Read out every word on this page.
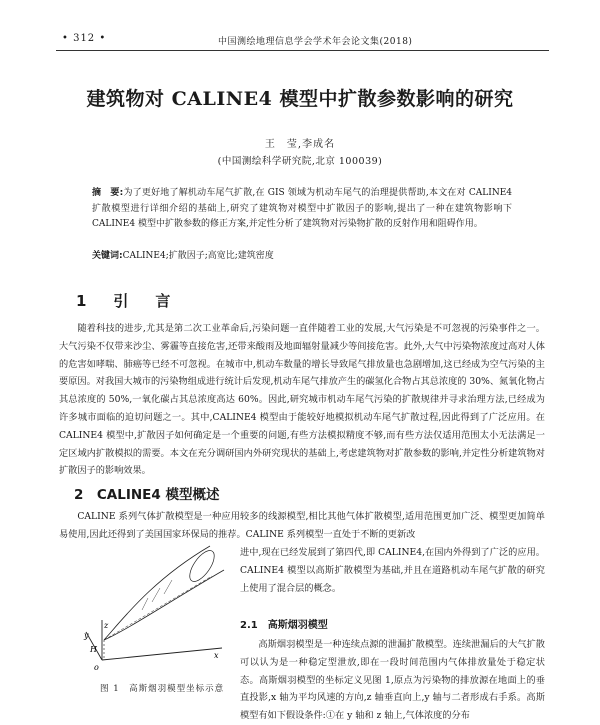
• 312 •	中国测绘地理信息学会学术年会论文集(2018)
建筑物对 CALINE4 模型中扩散参数影响的研究
王　莹,李成名
(中国测绘科学研究院,北京 100039)
摘　要:为了更好地了解机动车尾气扩散,在 GIS 领域为机动车尾气的治理提供帮助,本文在对 CALINE4 扩散模型进行详细介绍的基础上,研究了建筑物对模型中扩散因子的影响,提出了一种在建筑物影响下 CALINE4 模型中扩散参数的修正方案,并定性分析了建筑物对污染物扩散的反射作用和阻碍作用。
关键词:CALINE4;扩散因子;高宽比;建筑密度
1　引　言
随着科技的进步,尤其是第二次工业革命后,污染问题一直伴随着工业的发展,大气污染是不可忽视的污染事件之一。大气污染不仅带来沙尘、雾霾等直接危害,还带来酸雨及地面辐射量减少等间接危害。此外,大气中污染物浓度过高对人体的危害如哮喘、肺癌等已经不可忽视。在城市中,机动车数量的增长导致尾气排放量也急剧增加,这已经成为空气污染的主要原因。对我国大城市的污染物组成进行统计后发现,机动车尾气排放产生的碳氢化合物占其总浓度的 30%、氮氧化物占其总浓度的 50%,一氧化碳占其总浓度高达 60%。因此,研究城市机动车尾气污染的扩散规律并寻求治理方法,已经成为许多城市面临的迫切问题之一。其中,CALINE4 模型由于能较好地模拟机动车尾气扩散过程,因此得到了广泛应用。在 CALINE4 模型中,扩散因子如何确定是一个重要的问题,有些方法模拟精度不够,而有些方法仅适用范围太小无法满足一定区域内扩散模拟的需要。本文在充分调研国内外研究现状的基础上,考虑建筑物对扩散参数的影响,并定性分析建筑物对扩散因子的影响效果。
2　CALINE4 模型概述
CALINE 系列气体扩散模型是一种应用较多的线源模型,相比其他气体扩散模型,适用范围更加广泛、模型更加简单易使用,因此还得到了美国国家环保局的推荐。CALINE 系列模型一直处于不断的更新改
z
y
H
x
o
进中,现在已经发展到了第四代,即 CALINE4,在国内外得到了广泛的应用。CALINE4 模型以高斯扩散模型为基础,并且在道路机动车尾气扩散的研究上使用了混合层的概念。
2.1　高斯烟羽模型
高斯烟羽模型是一种连续点源的泄漏扩散模型。连续泄漏后的大气扩散可以认为是一种稳定型泄放,即在一段时间范围内气体排放量处于稳定状态。高斯烟羽模型的坐标定义见图 1,原点为污染物的排放源在地面上的垂直投影,x 轴为平均风速的方向,z 轴垂直向上,y 轴与二者形成右手系。高斯模型有如下假设条件:①在 y 轴和 z 轴上,气体浓度的分布
图 1　高斯烟羽模型坐标示意
